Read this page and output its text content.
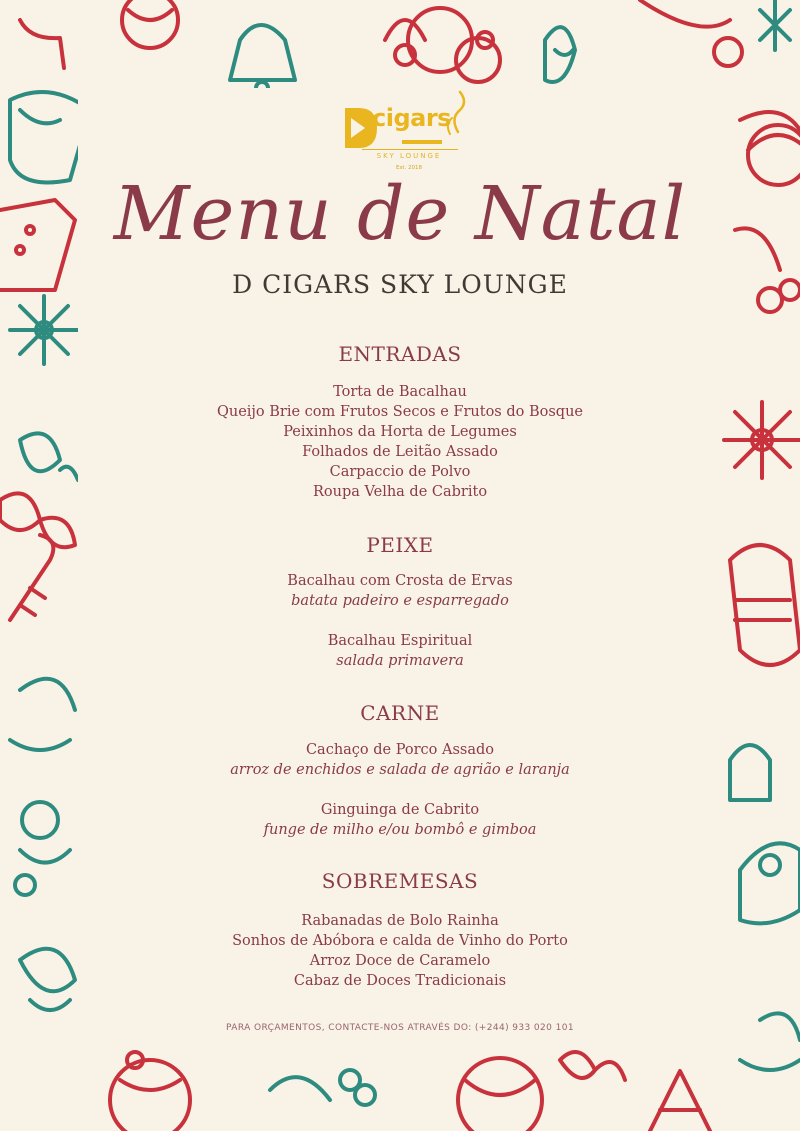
cigars
SKY LOUNGE
Est. 2018
Menu de Natal
D CIGARS SKY LOUNGE
ENTRADAS
Torta de Bacalhau
Queijo Brie com Frutos Secos e Frutos do Bosque
Peixinhos da Horta de Legumes
Folhados de Leitão Assado
Carpaccio de Polvo
Roupa Velha de Cabrito
PEIXE
Bacalhau com Crosta de Ervas
batata padeiro e esparregado
Bacalhau Espiritual
salada primavera
CARNE
Cachaço de Porco Assado
arroz de enchidos e salada de agrião e laranja
Ginguinga de Cabrito
funge de milho e/ou bombô e gimboa
SOBREMESAS
Rabanadas de Bolo Rainha
Sonhos de Abóbora e calda de Vinho do Porto
Arroz Doce de Caramelo
Cabaz de Doces Tradicionais
PARA ORÇAMENTOS, CONTACTE-NOS ATRAVÉS DO: (+244) 933 020 101
